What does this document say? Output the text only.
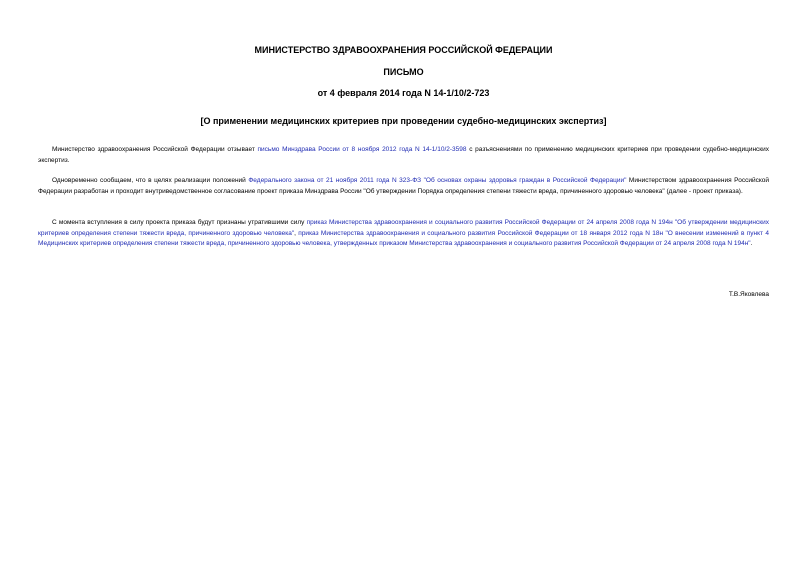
МИНИСТЕРСТВО ЗДРАВООХРАНЕНИЯ РОССИЙСКОЙ ФЕДЕРАЦИИ
ПИСЬМО
от 4 февраля 2014 года N 14-1/10/2-723
[О применении медицинских критериев при проведении судебно-медицинских экспертиз]

Министерство здравоохранения Российской Федерации отзывает письмо Минздрава России от 8 ноября 2012 года N 14-1/10/2-3598 с разъяснениями по применению медицинских критериев при проведении судебно-медицинских экспертиз.

Одновременно сообщаем, что в целях реализации положений Федерального закона от 21 ноября 2011 года N 323-ФЗ "Об основах охраны здоровья граждан в Российской Федерации" Министерством здравоохранения Российской Федерации разработан и проходит внутриведомственное согласование проект приказа Минздрава России "Об утверждении Порядка определения степени тяжести вреда, причиненного здоровью человека" (далее - проект приказа).

С момента вступления в силу проекта приказа будут признаны утратившими силу приказ Министерства здравоохранения и социального развития Российской Федерации от 24 апреля 2008 года N 194н "Об утверждении медицинских критериев определения степени тяжести вреда, причиненного здоровью человека", приказ Министерства здравоохранения и социального развития Российской Федерации от 18 января 2012 года N 18н "О внесении изменений в пункт 4 Медицинских критериев определения степени тяжести вреда, причиненного здоровью человека, утвержденных приказом Министерства здравоохранения и социального развития Российской Федерации от 24 апреля 2008 года N 194н".

Т.В.Яковлева
